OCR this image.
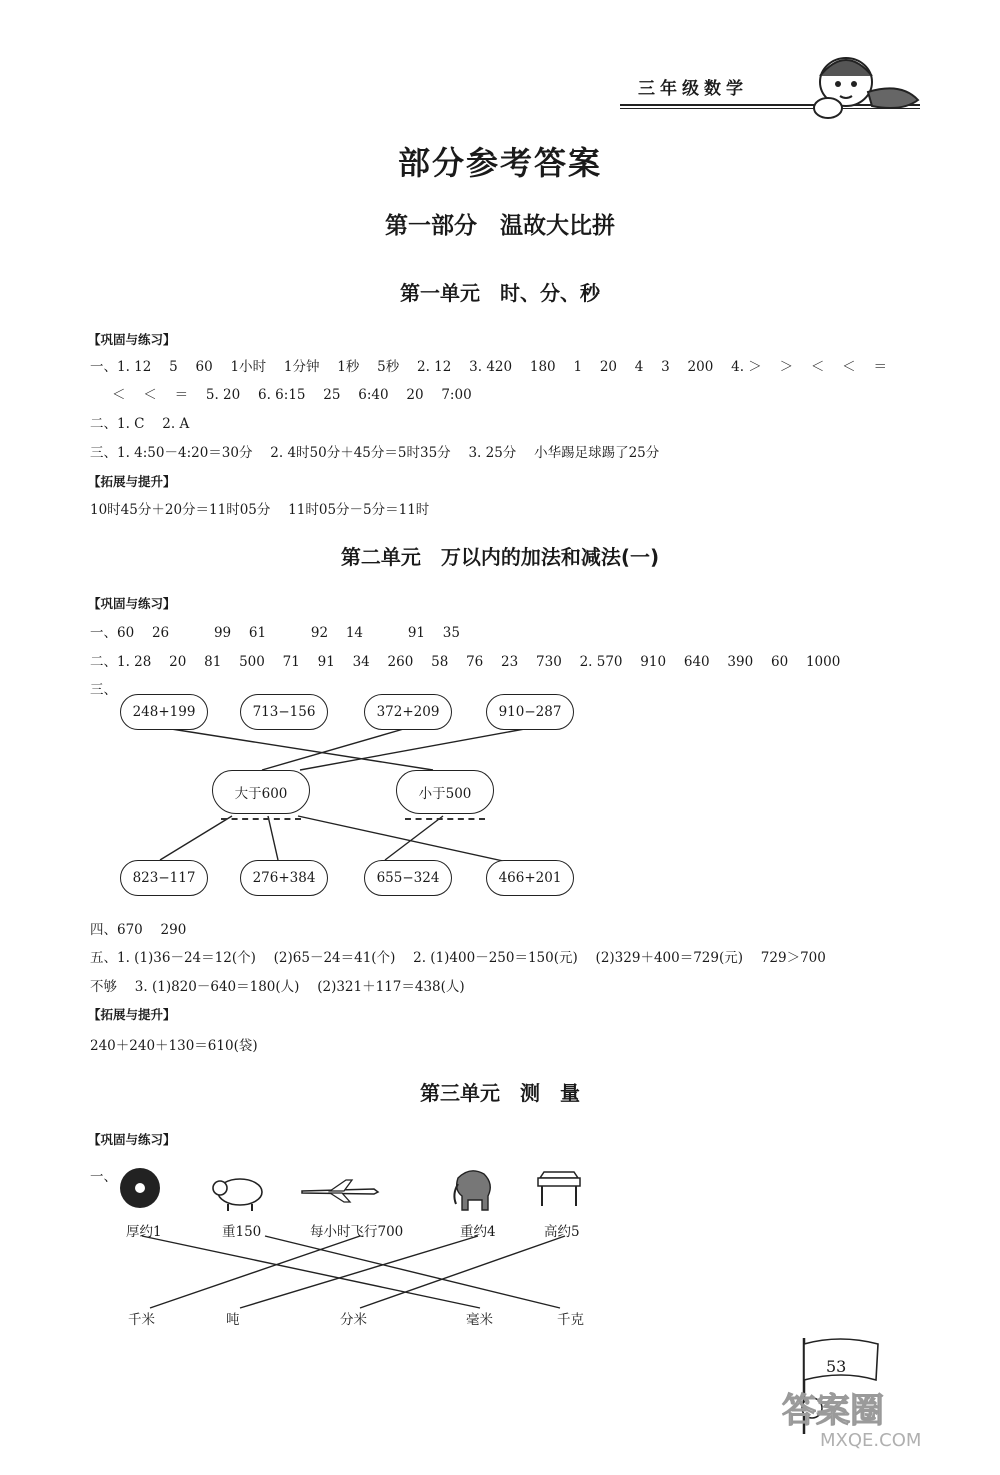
三年级数学
部分参考答案
第一部分　温故大比拼
第一单元　时、分、秒
【巩固与练习】
一、1. 12　 5　 60　 1小时　 1分钟　 1秒　 5秒　 2. 12　 3. 420　 180　 1　 20　 4　 3　 200　 4. ＞　 ＞　 ＜　 ＜　 ＝
＜　 ＜　 ＝　 5. 20　 6. 6:15　 25　 6:40　 20　 7:00
二、1. C　 2. A
三、1. 4:50－4:20＝30分　 2. 4时50分＋45分＝5时35分　 3. 25分　 小华踢足球踢了25分
【拓展与提升】
10时45分＋20分＝11时05分　 11时05分－5分＝11时
第二单元　万以内的加法和减法(一)
【巩固与练习】
一、60　 26　　　 99　 61　　　 92　 14　　　 91　 35
二、1. 28　 20　 81　 500　 71　 91　 34　 260　 58　 76　 23　 730　 2. 570　 910　 640　 390　 60　 1000
三、
248+199	713−156	372+209	910−287
大于600	小于500
823−117	276+384	655−324	466+201
四、670　 290
五、1. (1)36－24＝12(个)　 (2)65－24＝41(个)　 2. (1)400－250＝150(元)　 (2)329＋400＝729(元)　 729＞700
不够　 3. (1)820－640＝180(人)　 (2)321＋117＝438(人)
【拓展与提升】
240＋240＋130＝610(袋)
第三单元　测　量
【巩固与练习】
一、
厚约1	重150	每小时飞行700	重约4	高约5
千米	吨	分米	毫米	千克
53
答案圈
MXQE.COM
